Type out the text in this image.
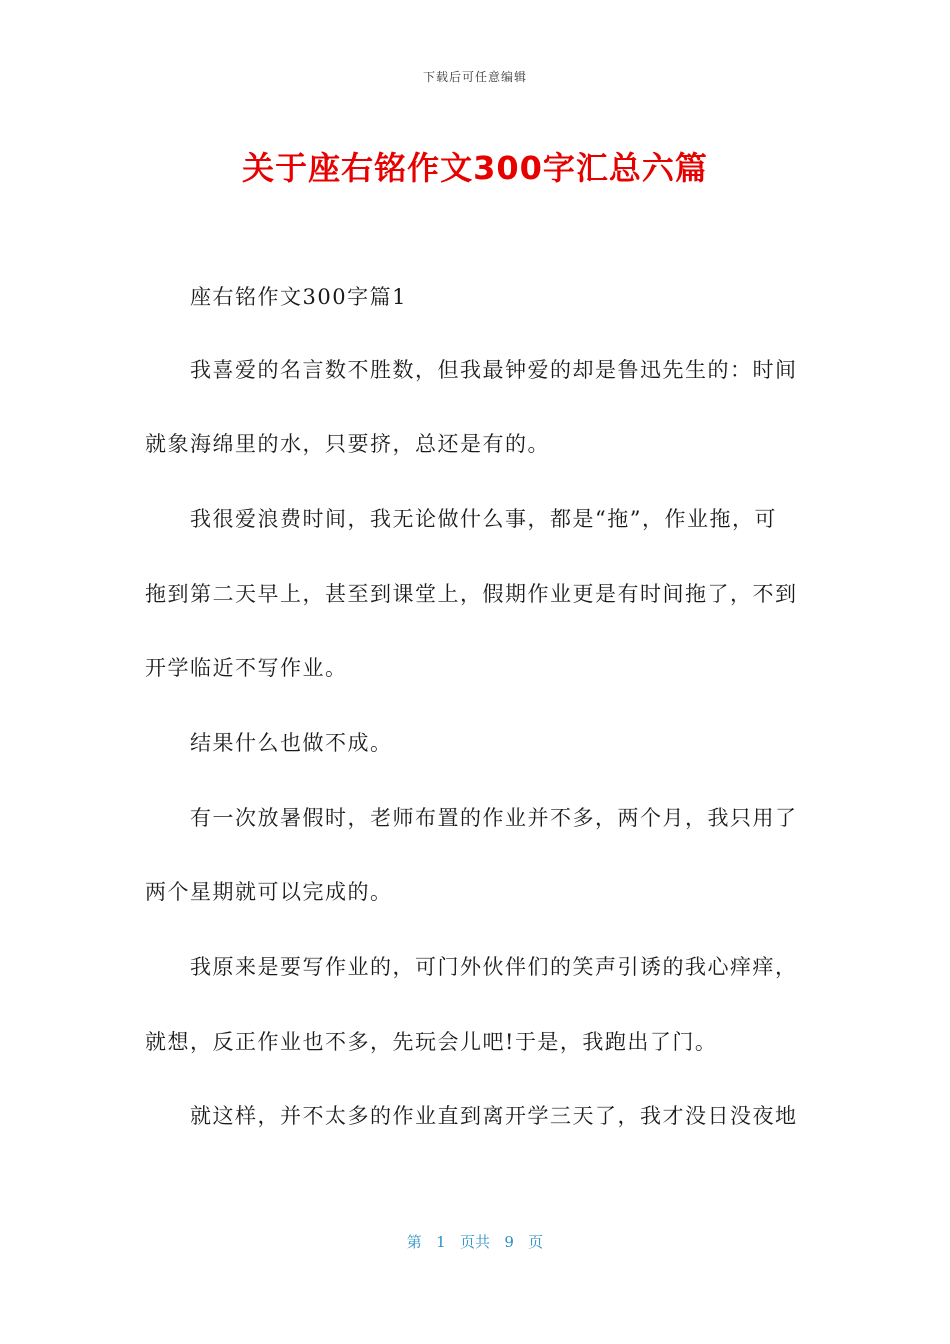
下载后可任意编辑
关于座右铭作文300字汇总六篇

座右铭作文300字篇1

我喜爱的名言数不胜数，但我最钟爱的却是鲁迅先生的：时间

就象海绵里的水，只要挤，总还是有的。

我很爱浪费时间，我无论做什么事，都是“拖”，作业拖，可

拖到第二天早上，甚至到课堂上，假期作业更是有时间拖了，不到

开学临近不写作业。

结果什么也做不成。

有一次放暑假时，老师布置的作业并不多，两个月，我只用了

两个星期就可以完成的。

我原来是要写作业的，可门外伙伴们的笑声引诱的我心痒痒，

就想，反正作业也不多，先玩会儿吧!于是，我跑出了门。

就这样，并不太多的作业直到离开学三天了，我才没日没夜地

第 1 页共 9 页
